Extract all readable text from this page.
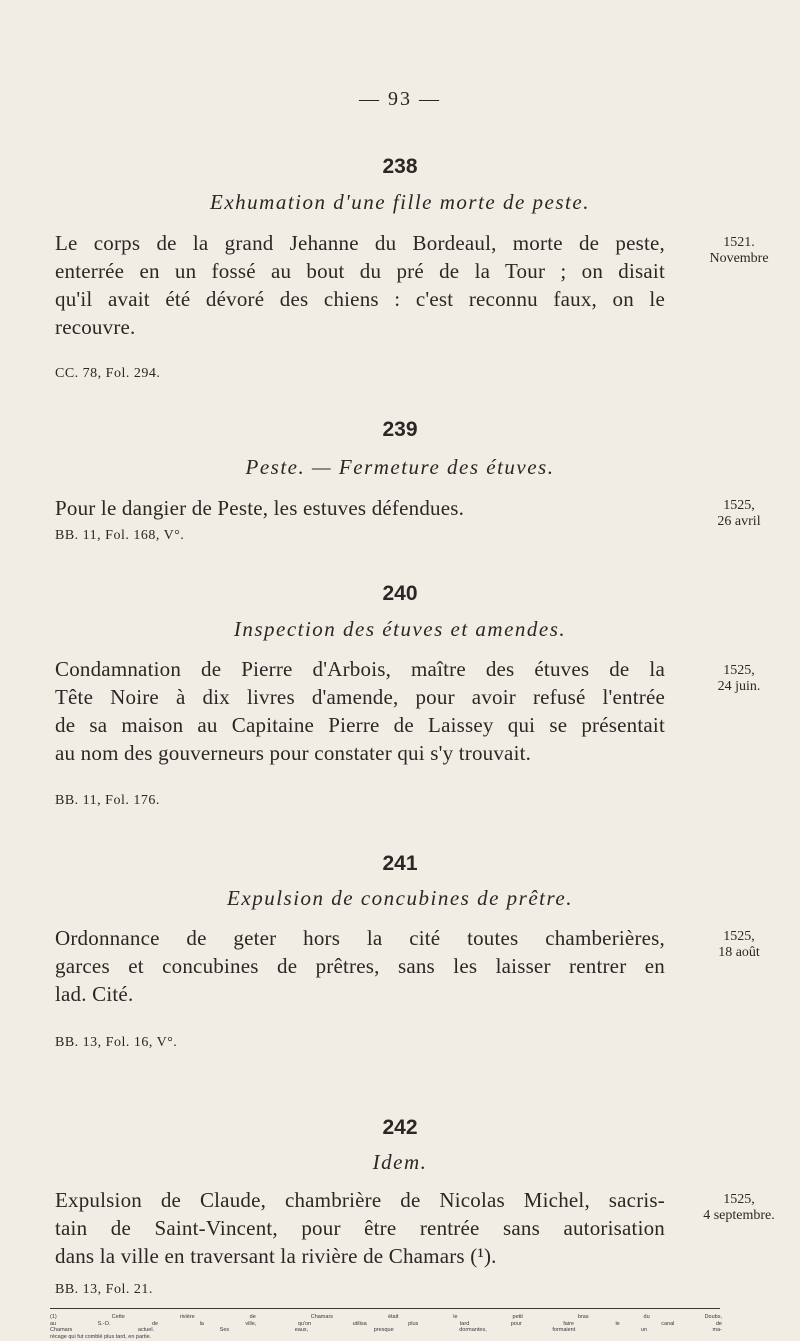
— 93 —
238
Exhumation d'une fille morte de peste.
Le corps de la grand Jehanne du Bordeaul, morte de peste,
enterrée en un fossé au bout du pré de la Tour ; on disait
qu'il avait été dévoré des chiens : c'est reconnu faux, on le
recouvre.
CC. 78, Fol. 294.
1521.
Novembre
239
Peste. — Fermeture des étuves.
Pour le dangier de Peste, les estuves défendues.
BB. 11, Fol. 168, V°.
1525,
26 avril
240
Inspection des étuves et amendes.
Condamnation de Pierre d'Arbois, maître des étuves de la
Tête Noire à dix livres d'amende, pour avoir refusé l'entrée
de sa maison au Capitaine Pierre de Laissey qui se présentait
au nom des gouverneurs pour constater qui s'y trouvait.
BB. 11, Fol. 176.
1525,
24 juin.
241
Expulsion de concubines de prêtre.
Ordonnance de geter hors la cité toutes chamberières,
garces et concubines de prêtres, sans les laisser rentrer en
lad. Cité.
BB. 13, Fol. 16, V°.
1525,
18 août
242
Idem.
Expulsion de Claude, chambrière de Nicolas Michel, sacris-
tain de Saint-Vincent, pour être rentrée sans autorisation
dans la ville en traversant la rivière de Chamars (¹).
BB. 13, Fol. 21.
1525,
4 septembre.
(1) Cette rivière de Chamars était le petit bras du Doubs,
au S.-O. de la ville, qu'on utilisa plus tard pour faire le canal de
Chamars actuel. Ses eaux, presque dormantes, formaient un ma-
récage qui fut comblé plus tard, en partie.
